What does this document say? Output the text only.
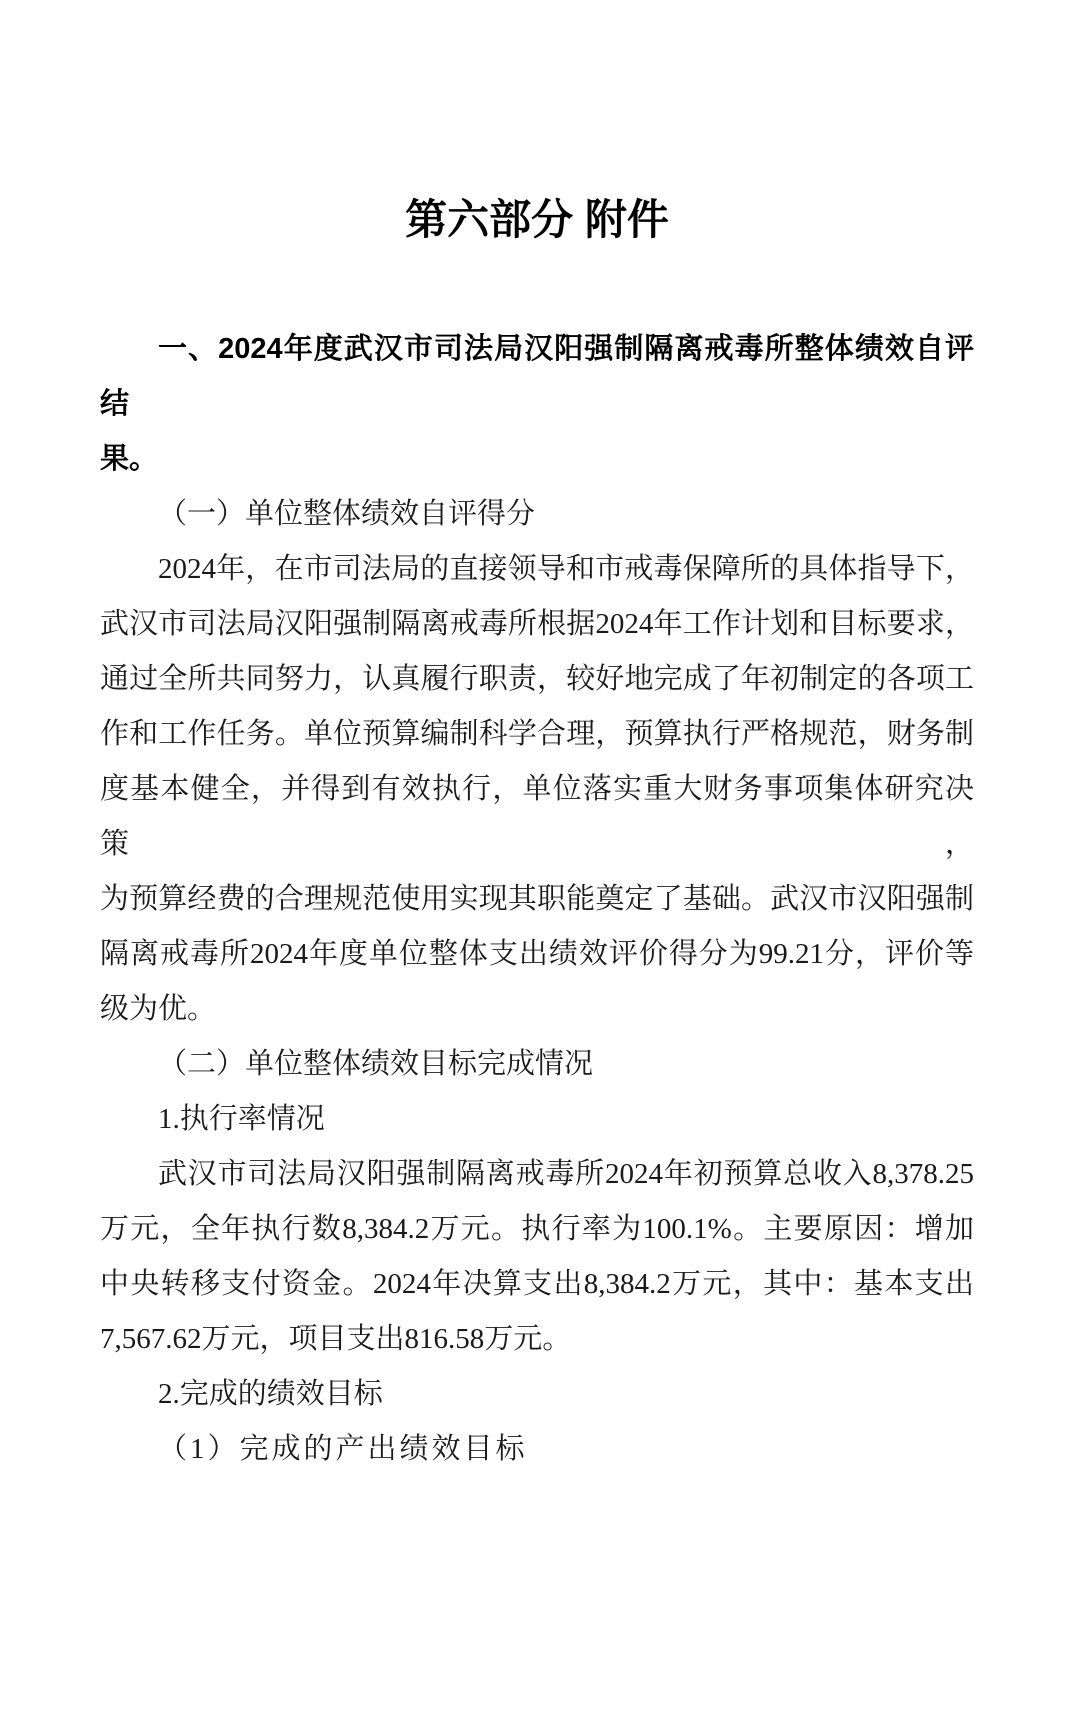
第六部分 附件
一、2024年度武汉市司法局汉阳强制隔离戒毒所整体绩效自评结
果。
（一）单位整体绩效自评得分
2024年，在市司法局的直接领导和市戒毒保障所的具体指导下，
武汉市司法局汉阳强制隔离戒毒所根据2024年工作计划和目标要求，
通过全所共同努力，认真履行职责，较好地完成了年初制定的各项工
作和工作任务。单位预算编制科学合理，预算执行严格规范，财务制
度基本健全，并得到有效执行，单位落实重大财务事项集体研究决策，
为预算经费的合理规范使用实现其职能奠定了基础。武汉市汉阳强制
隔离戒毒所2024年度单位整体支出绩效评价得分为99.21分，评价等
级为优。
（二）单位整体绩效目标完成情况
1.执行率情况
武汉市司法局汉阳强制隔离戒毒所2024年初预算总收入8,378.25
万元，全年执行数8,384.2万元。执行率为100.1%。主要原因：增加
中央转移支付资金。2024年决算支出8,384.2万元，其中：基本支出
7,567.62万元，项目支出816.58万元。
2.完成的绩效目标
（1）完成的产出绩效目标
